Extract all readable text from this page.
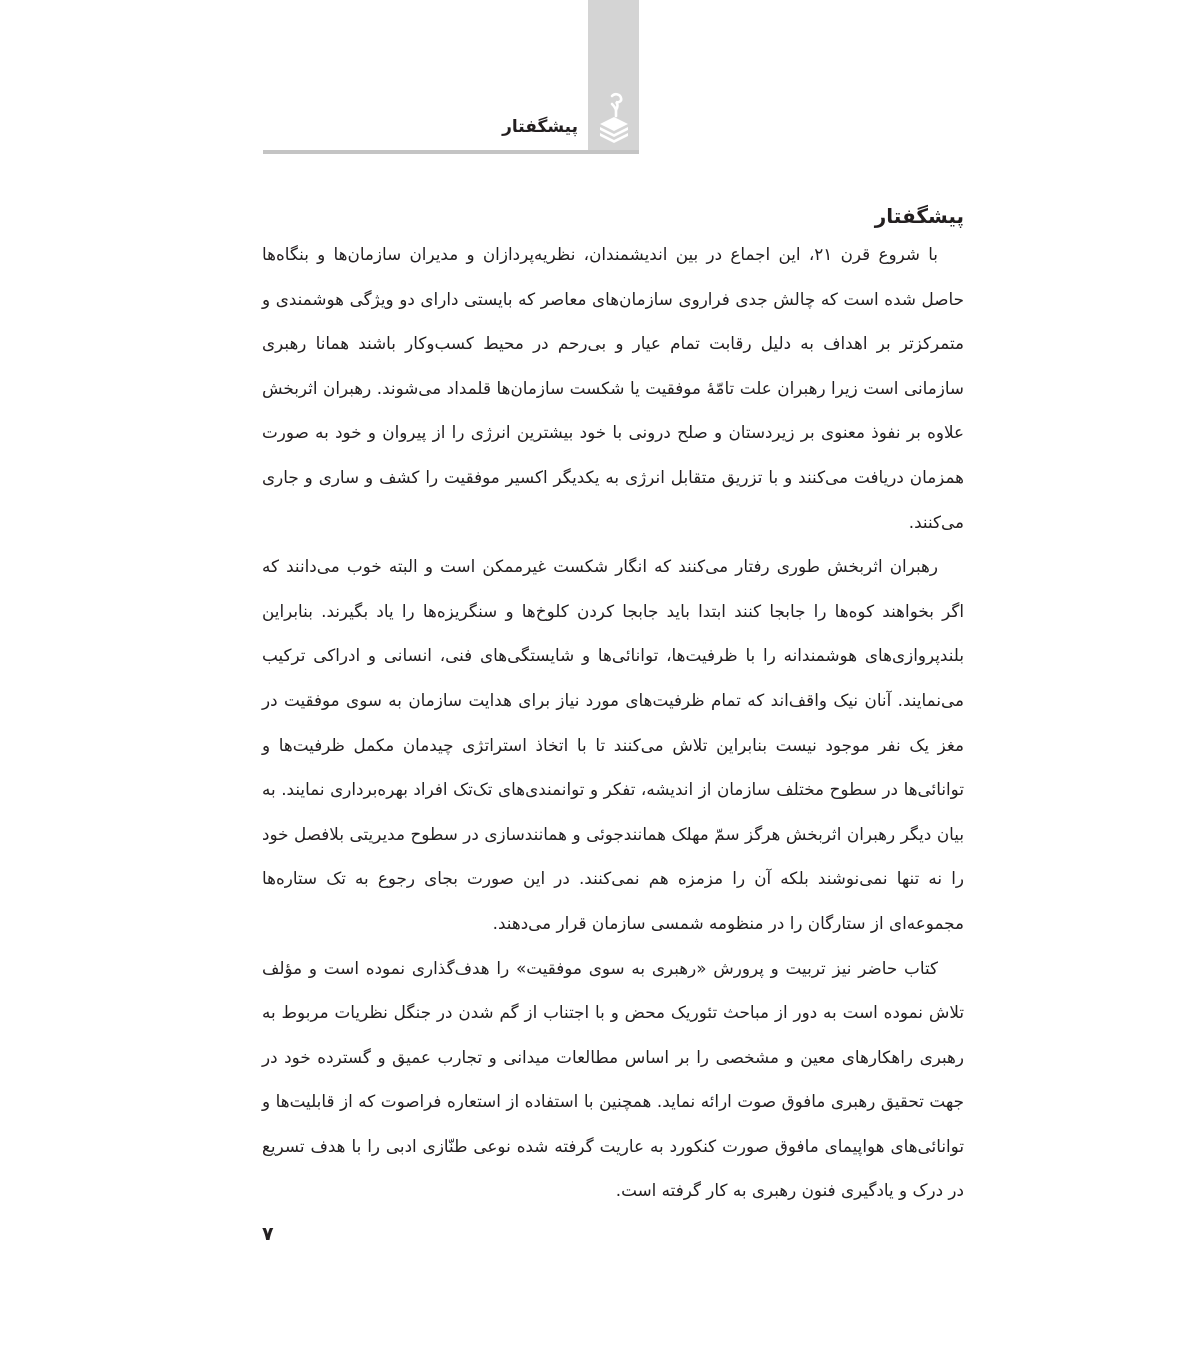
پیشگفتار
پیشگفتار

با شروع قرن ۲۱، این اجماع در بین اندیشمندان، نظریه‌پردازان و مدیران سازمان‌ها و بنگاه‌ها حاصل شده است که چالش جدی فراروی سازمان‌های معاصر که بایستی دارای دو ویژگی هوشمندی و متمرکزتر بر اهداف به دلیل رقابت تمام عیار و بی‌رحم در محیط کسب‌وکار باشند همانا رهبری سازمانی است زیرا رهبران علت تامّهٔ موفقیت یا شکست سازمان‌ها قلمداد می‌شوند. رهبران اثربخش علاوه بر نفوذ معنوی بر زیردستان و صلح درونی با خود بیشترین انرژی را از پیروان و خود به صورت همزمان دریافت می‌کنند و با تزریق متقابل انرژی به یکدیگر اکسیر موفقیت را کشف و ساری و جاری می‌کنند.

رهبران اثربخش طوری رفتار می‌کنند که انگار شکست غیرممکن است و البته خوب می‌دانند که اگر بخواهند کوه‌ها را جابجا کنند ابتدا باید جابجا کردن کلوخ‌ها و سنگریزه‌ها را یاد بگیرند. بنابراین بلندپروازی‌های هوشمندانه را با ظرفیت‌ها، توانائی‌ها و شایستگی‌های فنی، انسانی و ادراکی ترکیب می‌نمایند. آنان نیک واقف‌اند که تمام ظرفیت‌های مورد نیاز برای هدایت سازمان به سوی موفقیت در مغز یک نفر موجود نیست بنابراین تلاش می‌کنند تا با اتخاذ استراتژی چیدمان مکمل ظرفیت‌ها و توانائی‌ها در سطوح مختلف سازمان از اندیشه، تفکر و توانمندی‌های تک‌تک افراد بهره‌برداری نمایند. به بیان دیگر رهبران اثربخش هرگز سمّ مهلک همانندجوئی و همانندسازی در سطوح مدیریتی بلافصل خود را نه تنها نمی‌نوشند بلکه آن را مزمزه هم نمی‌کنند. در این صورت بجای رجوع به تک ستاره‌ها مجموعه‌ای از ستارگان را در منظومه شمسی سازمان قرار می‌دهند.

کتاب حاضر نیز تربیت و پرورش «رهبری به سوی موفقیت» را هدف‌گذاری نموده است و مؤلف تلاش نموده است به دور از مباحث تئوریک محض و با اجتناب از گم شدن در جنگل نظریات مربوط به رهبری راهکارهای معین و مشخصی را بر اساس مطالعات میدانی و تجارب عمیق و گسترده خود در جهت تحقیق رهبری مافوق صوت ارائه نماید. همچنین با استفاده از استعاره فراصوت که از قابلیت‌ها و توانائی‌های هواپیمای مافوق صورت کنکورد به عاریت گرفته شده نوعی طنّازی ادبی را با هدف تسریع در درک و یادگیری فنون رهبری به کار گرفته است.

۷
